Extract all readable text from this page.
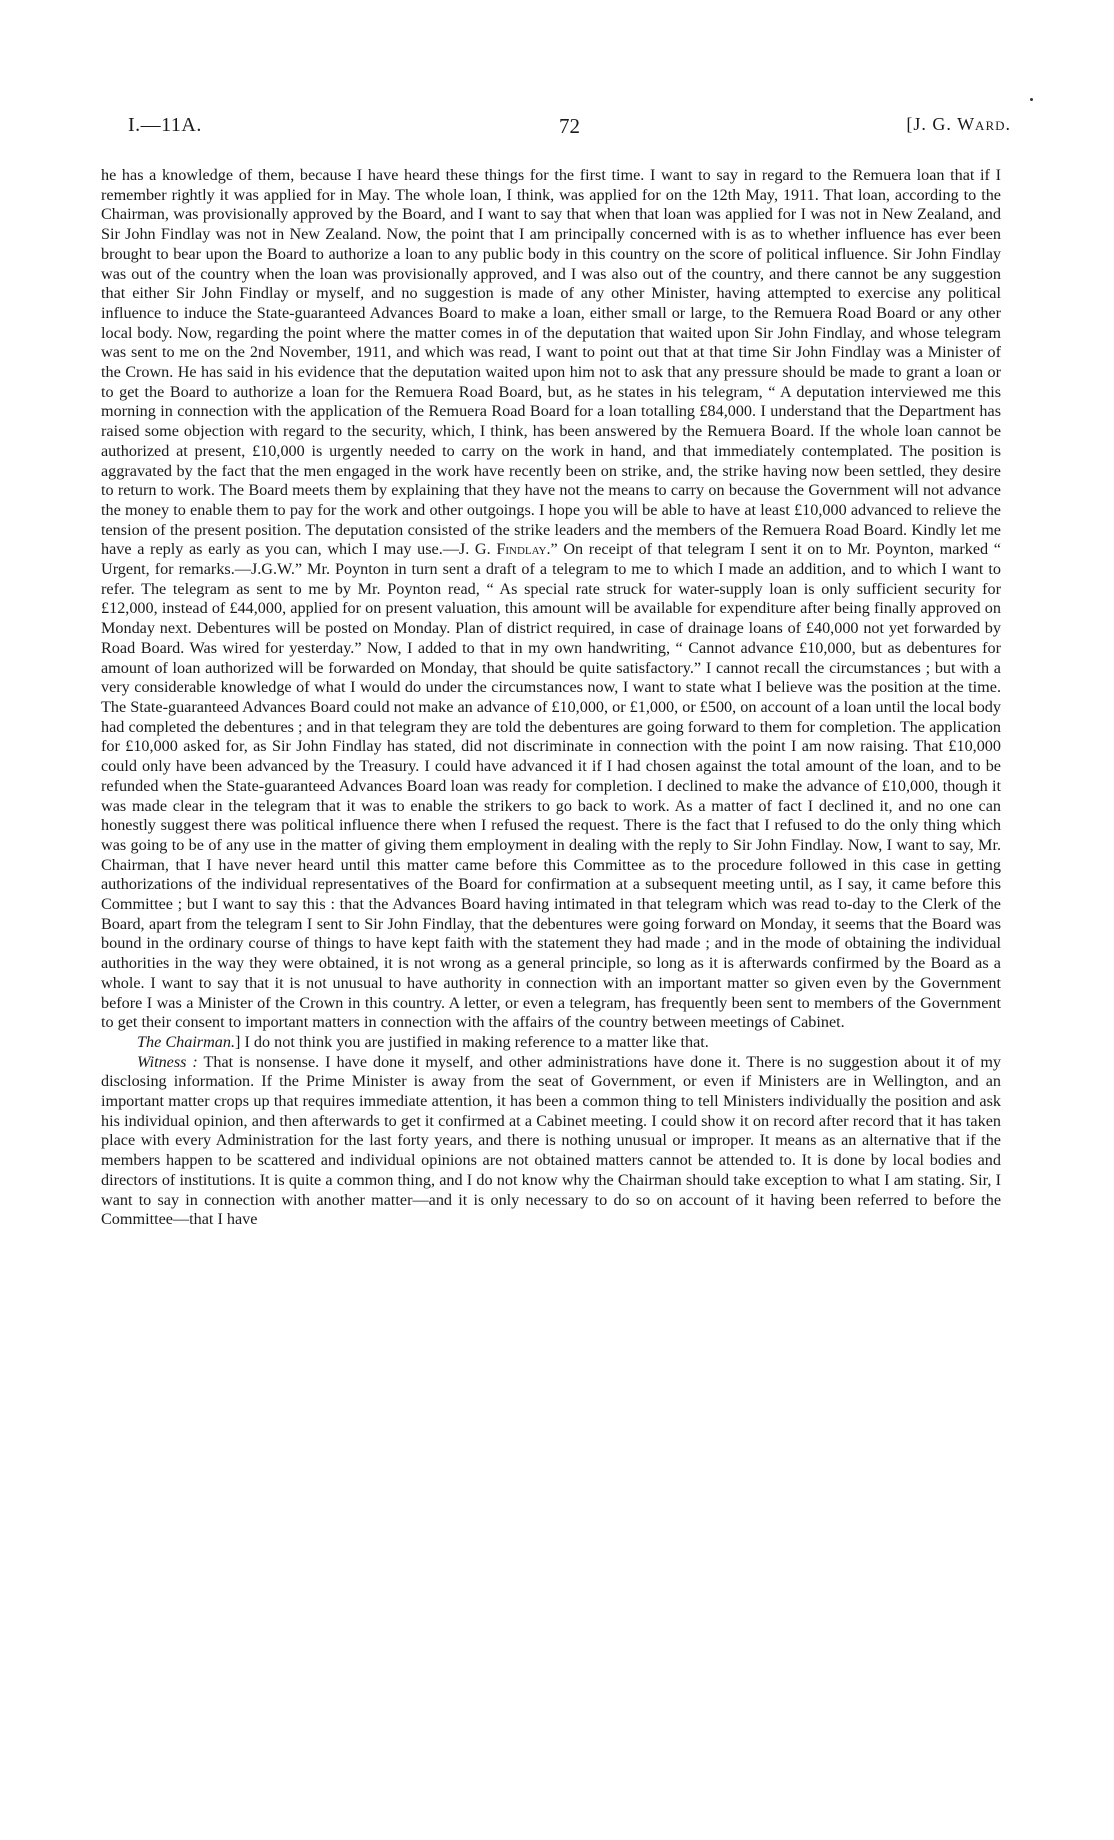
I.—11A.	72	[J. G. Ward.

he has a knowledge of them, because I have heard these things for the first time. I want to say in regard to the Remuera loan that if I remember rightly it was applied for in May. The whole loan, I think, was applied for on the 12th May, 1911. That loan, according to the Chairman, was provisionally approved by the Board, and I want to say that when that loan was applied for I was not in New Zealand, and Sir John Findlay was not in New Zealand. Now, the point that I am principally concerned with is as to whether influence has ever been brought to bear upon the Board to authorize a loan to any public body in this country on the score of political influence. Sir John Findlay was out of the country when the loan was provisionally approved, and I was also out of the country, and there cannot be any suggestion that either Sir John Findlay or myself, and no suggestion is made of any other Minister, having attempted to exercise any political influence to induce the State-guaranteed Advances Board to make a loan, either small or large, to the Remuera Road Board or any other local body. Now, regarding the point where the matter comes in of the deputation that waited upon Sir John Findlay, and whose telegram was sent to me on the 2nd November, 1911, and which was read, I want to point out that at that time Sir John Findlay was a Minister of the Crown. He has said in his evidence that the deputation waited upon him not to ask that any pressure should be made to grant a loan or to get the Board to authorize a loan for the Remuera Road Board, but, as he states in his telegram, “ A deputation interviewed me this morning in connection with the application of the Remuera Road Board for a loan totalling £84,000. I understand that the Department has raised some objection with regard to the security, which, I think, has been answered by the Remuera Board. If the whole loan cannot be authorized at present, £10,000 is urgently needed to carry on the work in hand, and that immediately contemplated. The position is aggravated by the fact that the men engaged in the work have recently been on strike, and, the strike having now been settled, they desire to return to work. The Board meets them by explaining that they have not the means to carry on because the Government will not advance the money to enable them to pay for the work and other outgoings. I hope you will be able to have at least £10,000 advanced to relieve the tension of the present position. The deputation consisted of the strike leaders and the members of the Remuera Road Board. Kindly let me have a reply as early as you can, which I may use.—J. G. Findlay.” On receipt of that telegram I sent it on to Mr. Poynton, marked “ Urgent, for remarks.—J.G.W.” Mr. Poynton in turn sent a draft of a telegram to me to which I made an addition, and to which I want to refer. The telegram as sent to me by Mr. Poynton read, “ As special rate struck for water-supply loan is only sufficient security for £12,000, instead of £44,000, applied for on present valuation, this amount will be available for expenditure after being finally approved on Monday next. Debentures will be posted on Monday. Plan of district required, in case of drainage loans of £40,000 not yet forwarded by Road Board. Was wired for yesterday.” Now, I added to that in my own handwriting, “ Cannot advance £10,000, but as debentures for amount of loan authorized will be forwarded on Monday, that should be quite satisfactory.” I cannot recall the circumstances ; but with a very considerable knowledge of what I would do under the circumstances now, I want to state what I believe was the position at the time. The State-guaranteed Advances Board could not make an advance of £10,000, or £1,000, or £500, on account of a loan until the local body had completed the debentures ; and in that telegram they are told the debentures are going forward to them for completion. The application for £10,000 asked for, as Sir John Findlay has stated, did not discriminate in connection with the point I am now raising. That £10,000 could only have been advanced by the Treasury. I could have advanced it if I had chosen against the total amount of the loan, and to be refunded when the State-guaranteed Advances Board loan was ready for completion. I declined to make the advance of £10,000, though it was made clear in the telegram that it was to enable the strikers to go back to work. As a matter of fact I declined it, and no one can honestly suggest there was political influence there when I refused the request. There is the fact that I refused to do the only thing which was going to be of any use in the matter of giving them employment in dealing with the reply to Sir John Findlay. Now, I want to say, Mr. Chairman, that I have never heard until this matter came before this Committee as to the procedure followed in this case in getting authorizations of the individual representatives of the Board for confirmation at a subsequent meeting until, as I say, it came before this Committee ; but I want to say this : that the Advances Board having intimated in that telegram which was read to-day to the Clerk of the Board, apart from the telegram I sent to Sir John Findlay, that the debentures were going forward on Monday, it seems that the Board was bound in the ordinary course of things to have kept faith with the statement they had made ; and in the mode of obtaining the individual authorities in the way they were obtained, it is not wrong as a general principle, so long as it is afterwards confirmed by the Board as a whole. I want to say that it is not unusual to have authority in connection with an important matter so given even by the Government before I was a Minister of the Crown in this country. A letter, or even a telegram, has frequently been sent to members of the Government to get their consent to important matters in connection with the affairs of the country between meetings of Cabinet.

The Chairman.] I do not think you are justified in making reference to a matter like that.

Witness : That is nonsense. I have done it myself, and other administrations have done it. There is no suggestion about it of my disclosing information. If the Prime Minister is away from the seat of Government, or even if Ministers are in Wellington, and an important matter crops up that requires immediate attention, it has been a common thing to tell Ministers individually the position and ask his individual opinion, and then afterwards to get it confirmed at a Cabinet meeting. I could show it on record after record that it has taken place with every Administration for the last forty years, and there is nothing unusual or improper. It means as an alternative that if the members happen to be scattered and individual opinions are not obtained matters cannot be attended to. It is done by local bodies and directors of institutions. It is quite a common thing, and I do not know why the Chairman should take exception to what I am stating. Sir, I want to say in connection with another matter—and it is only necessary to do so on account of it having been referred to before the Committee—that I have
